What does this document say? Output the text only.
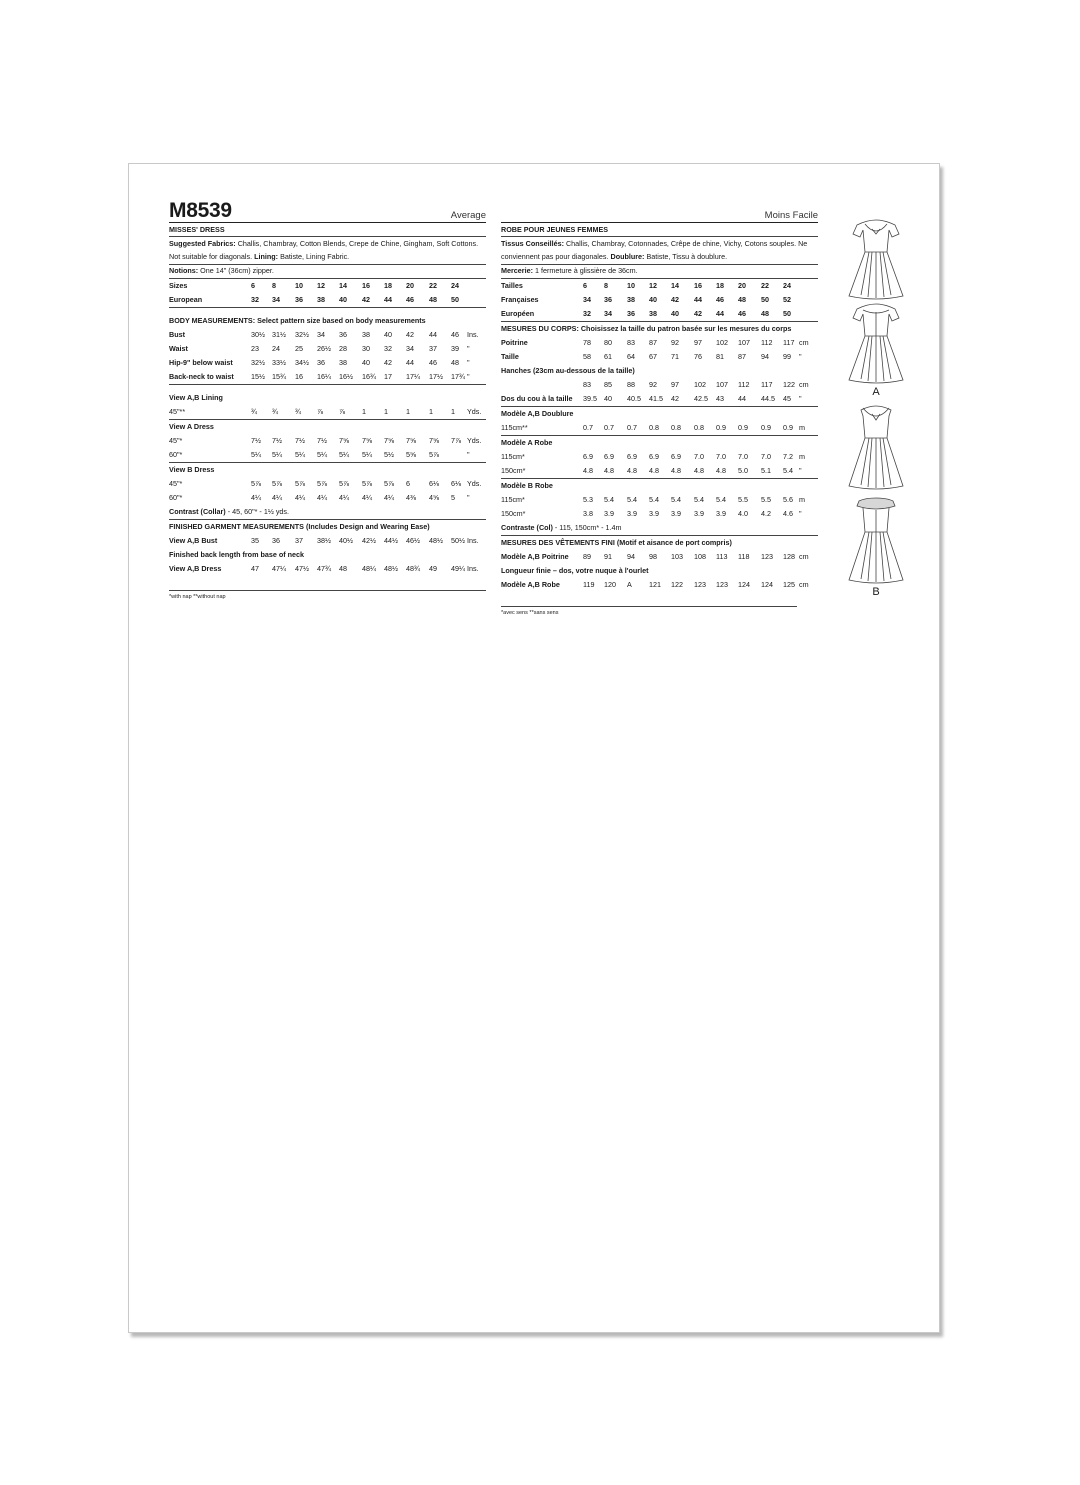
M8539	Average
MISSES' DRESS
Suggested Fabrics: Challis, Chambray, Cotton Blends, Crepe de Chine, Gingham, Soft Cottons. Not suitable for diagonals. Lining: Batiste, Lining Fabric.
Notions: One 14" (36cm) zipper.
Sizes	6 8	10 12 14 16 18 20 22 24
European	32 34 36 38 40 42 44 46 48 50
BODY MEASUREMENTS: Select pattern size based on body measurements
Bust	30½ 31½ 32½ 34 36 38 40 42 44 46 Ins.
Waist	23 24 25 26½ 28 30 32 34 37 39 "
Hip-9" below waist	32½ 33½ 34½ 36 38 40 42 44 46 48 "
Back-neck to waist 15½ 15¾ 16 16¼ 16½ 16¾ 17 17¼ 17½ 17¾ "
View A,B Lining
45"**	¾ ¾ ¾ ⅞ ⅞ 1	1	1	1	1 Yds.
View A Dress
45"*	7½ 7½ 7½ 7½ 7⅝ 7⅝ 7⅝ 7⅝ 7⅝ 7⅞ Yds.
60"*	5¼ 5¼ 5¼ 5¼ 5¼ 5¼ 5½ 5⅝ 5⅞	"
View B Dress
45"*	5⅞ 5⅞ 5⅞ 5⅞ 5⅞ 5⅞ 5⅞ 6	6⅛ 6⅛ Yds.
60"*	4¼ 4¼ 4¼ 4¼ 4¼ 4¼ 4¼ 4⅜ 4⅝ 5 "
Contrast (Collar) - 45, 60"* - 1½ yds.
FINISHED GARMENT MEASUREMENTS (Includes Design and Wearing Ease)
View A,B Bust	35 36 37 38½ 40½ 42½ 44½ 46½ 48½ 50½ Ins.
Finished back length from base of neck
View A,B Dress	47 47¼ 47½ 47¾ 48 48¼ 48½ 48¾ 49 49¼ Ins.
*with nap **without nap
Moins Facile
ROBE POUR JEUNES FEMMES
Tissus Conseillés: Challis, Chambray, Cotonnades, Crêpe de chine, Vichy, Cotons souples. Ne conviennent pas pour diagonales. Doublure: Batiste, Tissu à doublure.
Mercerie: 1 fermeture à glissière de 36cm.
Tailles	6 8	10 12 14 16 18 20 22 24
Françaises	34 36 38 40 42 44 46 48 50 52
Européen	32 34 36 38 40 42 44 46 48 50
MESURES DU CORPS: Choisissez la taille du patron basée sur les mesures du corps
Poitrine	78 80 83 87 92 97 102 107 112 117 cm
Taille	58 61 64 67 71 76 81 87 94 99 "
Hanches (23cm au-dessous de la taille)
83 85 88 92 97 102 107 112 117 122 cm
Dos du cou à la taille 39.5 40 40.5 41.5 42 42.5 43 44 44.5 45 "
Modèle A,B Doublure
115cm**	0.7 0.7 0.7 0.8 0.8 0.8 0.9 0.9 0.9 0.9 m
Modèle A Robe
115cm*	6.9 6.9 6.9 6.9 6.9 7.0 7.0 7.0 7.0 7.2 m
150cm*	4.8 4.8 4.8 4.8 4.8 4.8 4.8 5.0 5.1 5.4 "
Modèle B Robe
115cm*	5.3 5.4 5.4 5.4 5.4 5.4 5.4 5.5 5.5 5.6 m
150cm*	3.8 3.9 3.9 3.9 3.9 3.9 3.9 4.0 4.2 4.6 "
Contraste (Col) - 115, 150cm* - 1.4m
MESURES DES VÊTEMENTS FINI (Motif et aisance de port compris)
Modèle A,B Poitrine 89 91 94 98 103 108 113 118 123 128 cm
Longueur finie – dos, votre nuque à l'ourlet
Modèle A,B Robe	119 120 A 121 122 123 123 124 124 125 cm
*avec sens **sans sens
A
B
